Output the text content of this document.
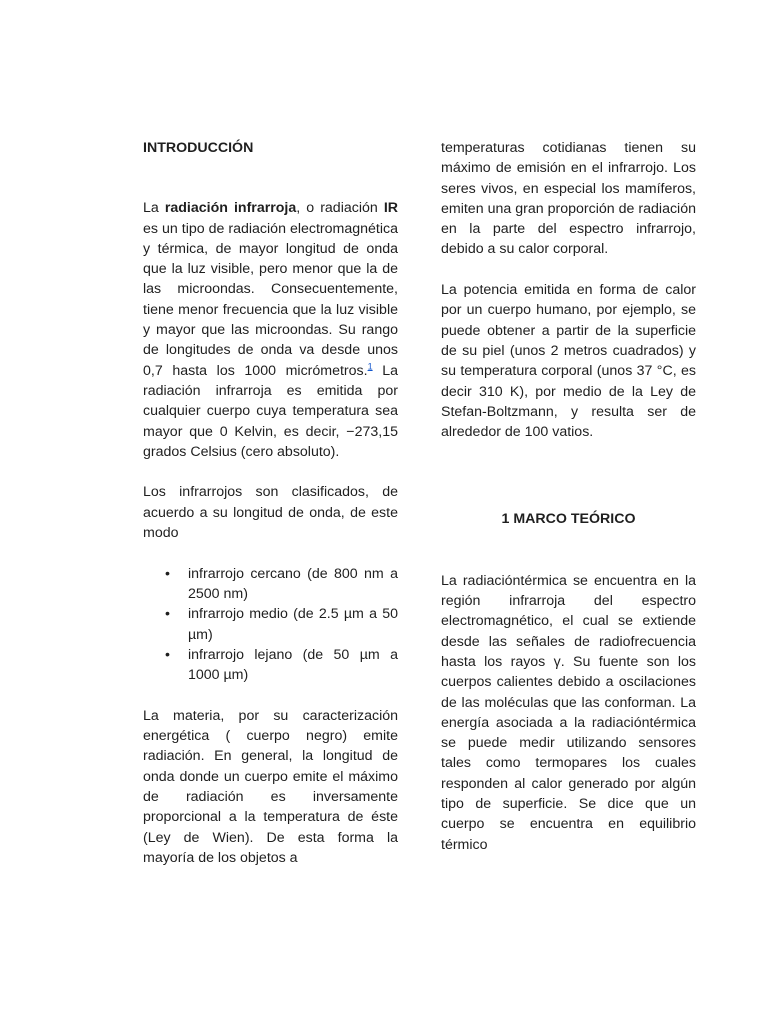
INTRODUCCIÓN

La radiación infrarroja, o radiación IR es un tipo de radiación electromagnética y térmica, de mayor longitud de onda que la luz visible, pero menor que la de las microondas. Consecuentemente, tiene menor frecuencia que la luz visible y mayor que las microondas. Su rango de longitudes de onda va desde unos 0,7 hasta los 1000 micrómetros.$^1$ La radiación infrarroja es emitida por cualquier cuerpo cuya temperatura sea mayor que 0 Kelvin, es decir, −273,15 grados Celsius (cero absoluto).

Los infrarrojos son clasificados, de acuerdo a su longitud de onda, de este modo

• infrarrojo cercano (de 800 nm a 2500 nm)
• infrarrojo medio (de 2.5 µm a 50 µm)
• infrarrojo lejano (de 50 µm a 1000 µm)

La materia, por su caracterización energética ( cuerpo negro) emite radiación. En general, la longitud de onda donde un cuerpo emite el máximo de radiación es inversamente proporcional a la temperatura de éste (Ley de Wien). De esta forma la mayoría de los objetos a

temperaturas cotidianas tienen su máximo de emisión en el infrarrojo. Los seres vivos, en especial los mamíferos, emiten una gran proporción de radiación en la parte del espectro infrarrojo, debido a su calor corporal.

La potencia emitida en forma de calor por un cuerpo humano, por ejemplo, se puede obtener a partir de la superficie de su piel (unos 2 metros cuadrados) y su temperatura corporal (unos 37 °C, es decir 310 K), por medio de la Ley de Stefan-Boltzmann, y resulta ser de alrededor de 100 vatios.

1 MARCO TEÓRICO

La radiacióntérmica se encuentra en la región infrarroja del espectro electromagnético, el cual se extiende desde las señales de radiofrecuencia hasta los rayos γ. Su fuente son los cuerpos calientes debido a oscilaciones de las moléculas que las conforman. La energía asociada a la radiacióntérmica se puede medir utilizando sensores tales como termopares los cuales responden al calor generado por algún tipo de superficie. Se dice que un cuerpo se encuentra en equilibrio térmico
